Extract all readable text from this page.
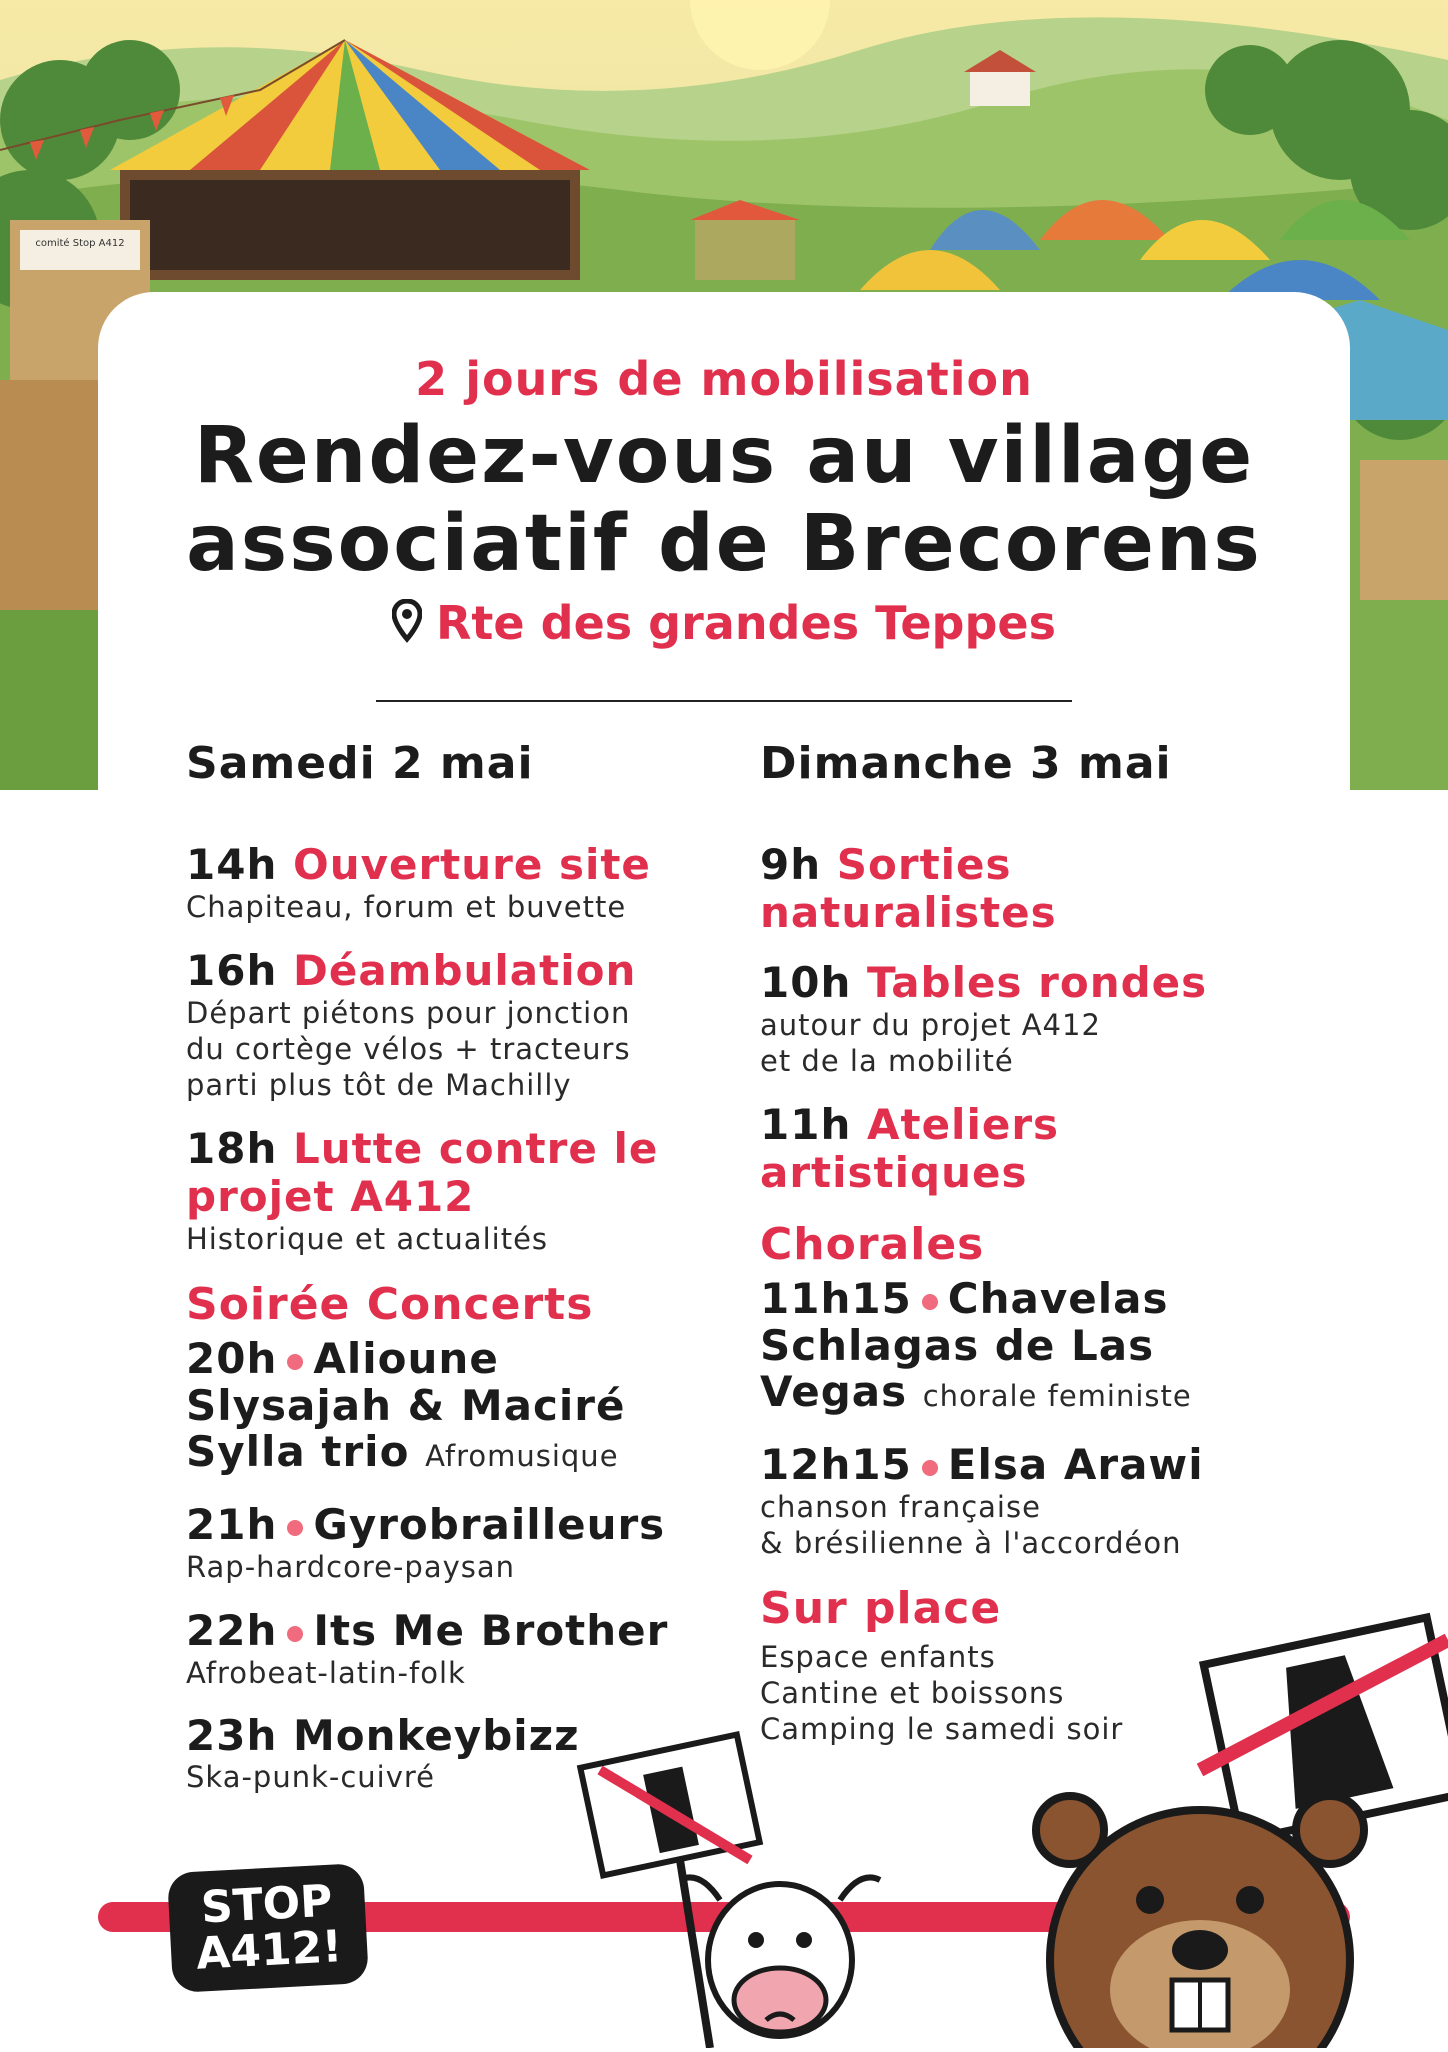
comité Stop A412
2 jours de mobilisation
Rendez-vous au village
associatif de Brecorens
Rte des grandes Teppes
Samedi 2 mai
14h Ouverture site
Chapiteau, forum et buvette
16h Déambulation
Départ piétons pour jonction
du cortège vélos + tracteurs
parti plus tôt de Machilly
18h Lutte contre le
projet A412
Historique et actualités
Soirée Concerts
20h Alioune
Slysajah & Maciré
Sylla trio Afromusique
21h Gyrobrailleurs
Rap-hardcore-paysan
22h Its Me Brother
Afrobeat-latin-folk
23h Monkeybizz
Ska-punk-cuivré
Dimanche 3 mai
9h Sorties
naturalistes
10h Tables rondes
autour du projet A412
et de la mobilité
11h Ateliers
artistiques
Chorales
11h15 Chavelas
Schlagas de Las
Vegas chorale feministe
12h15 Elsa Arawi
chanson française
& brésilienne à l'accordéon
Sur place
Espace enfants
Cantine et boissons
Camping le samedi soir
STOP
A412!
